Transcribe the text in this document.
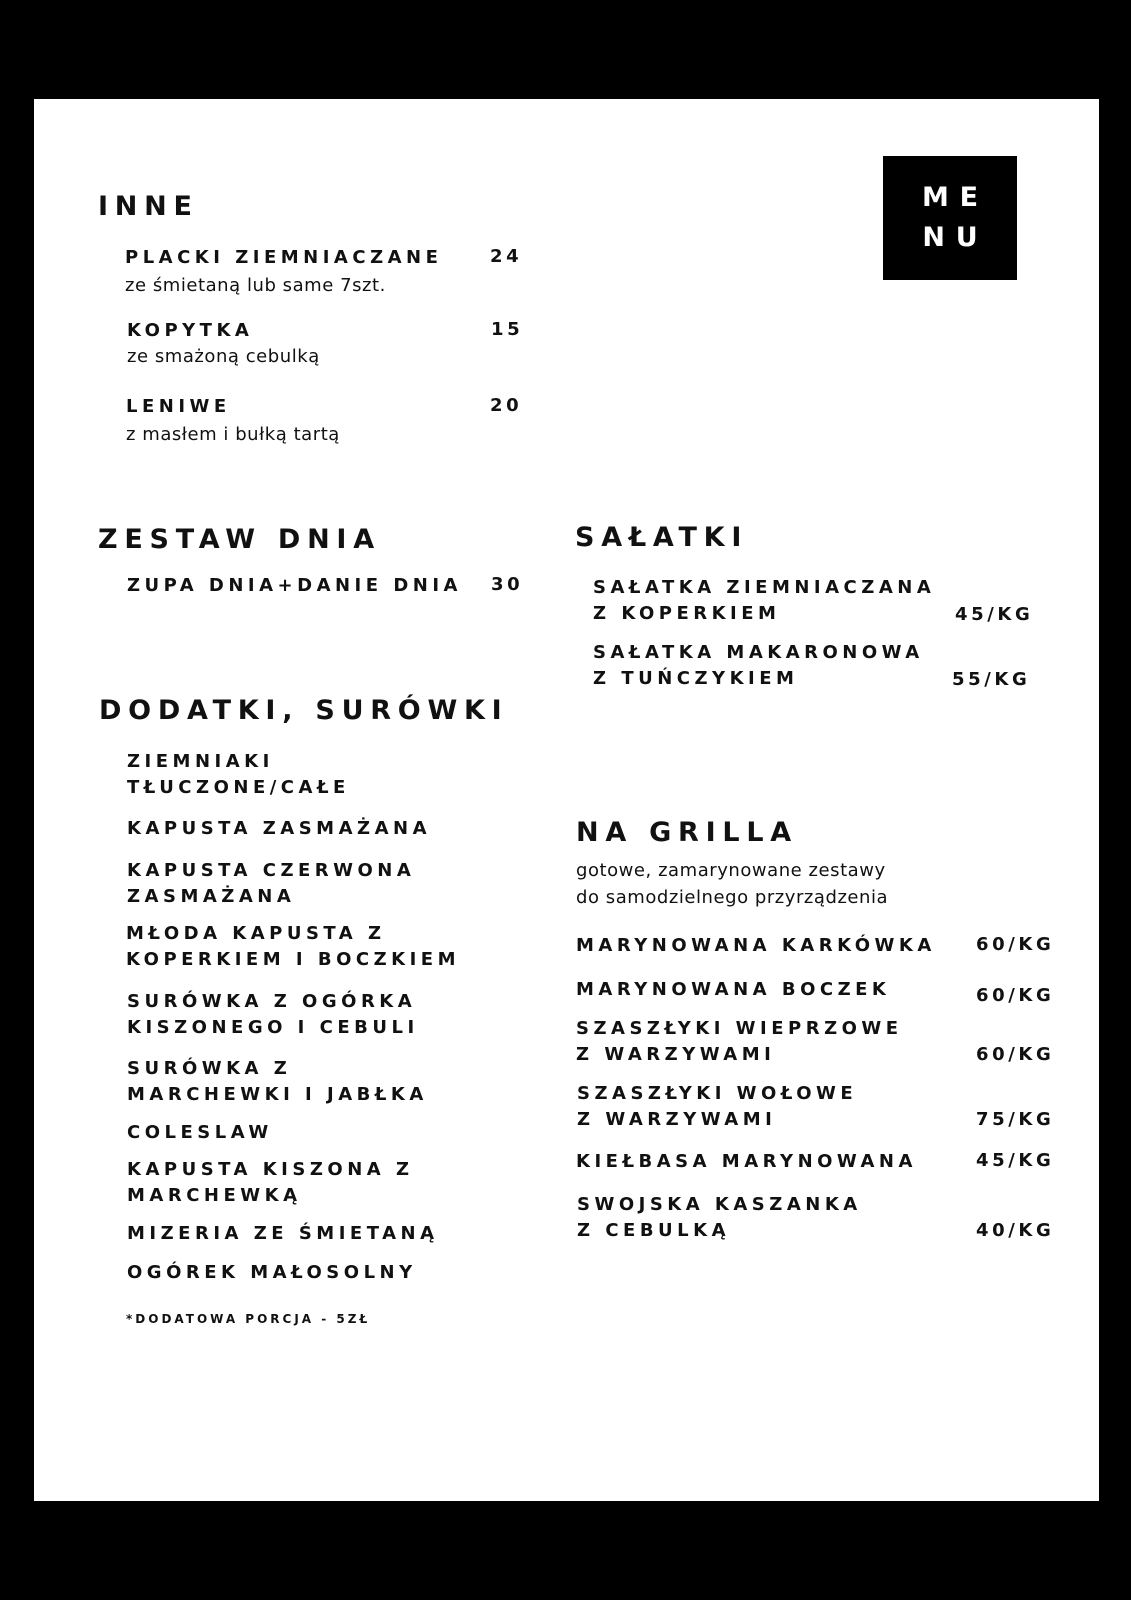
ME
NU
INNE
PLACKI ZIEMNIACZANE	24
ze śmietaną lub same 7szt.
KOPYTKA	15
ze smażoną cebulką
LENIWE	20
z masłem i bułką tartą
ZESTAW DNIA
ZUPA DNIA+DANIE DNIA 30
DODATKI, SURÓWKI
ZIEMNIAKI
TŁUCZONE/CAŁE
KAPUSTA ZASMAŻANA
KAPUSTA CZERWONA
ZASMAŻANA
MŁODA KAPUSTA Z
KOPERKIEM I BOCZKIEM
SURÓWKA Z OGÓRKA
KISZONEGO I CEBULI
SURÓWKA Z
MARCHEWKI I JABŁKA
COLESLAW
KAPUSTA KISZONA Z
MARCHEWKĄ
MIZERIA ZE ŚMIETANĄ
OGÓREK MAŁOSOLNY
*DODATOWA PORCJA - 5ZŁ
SAŁATKI
SAŁATKA ZIEMNIACZANA
Z KOPERKIEM	45/KG
SAŁATKA MAKARONOWA
Z TUŃCZYKIEM	55/KG
NA GRILLA
gotowe, zamarynowane zestawy
do samodzielnego przyrządzenia
MARYNOWANA KARKÓWKA 60/KG
MARYNOWANA BOCZEK	60/KG
SZASZŁYKI WIEPRZOWE
Z WARZYWAMI	60/KG
SZASZŁYKI WOŁOWE
Z WARZYWAMI	75/KG
KIEŁBASA MARYNOWANA	45/KG
SWOJSKA KASZANKA
Z CEBULKĄ	40/KG
